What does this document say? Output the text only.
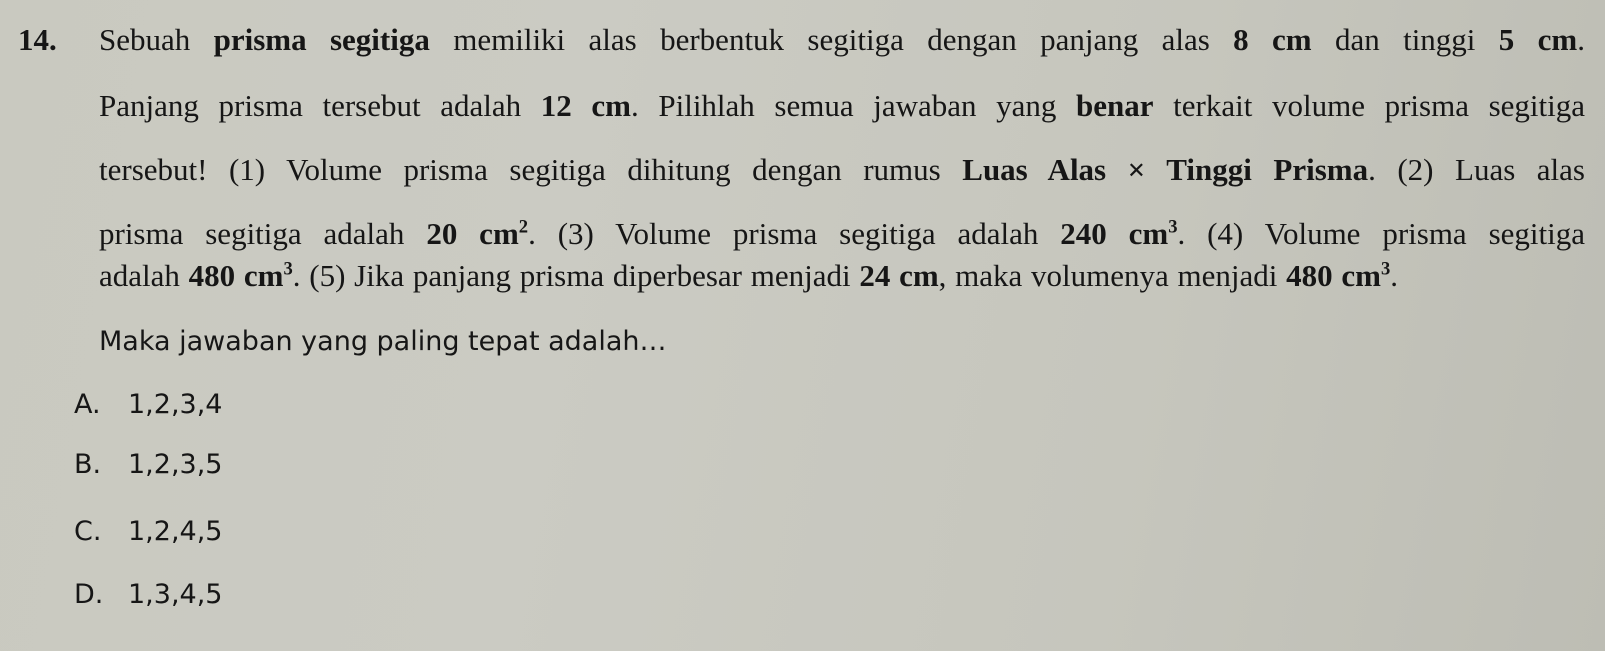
14. Sebuah prisma segitiga memiliki alas berbentuk segitiga dengan panjang alas 8 cm dan tinggi 5 cm.
Panjang prisma tersebut adalah 12 cm. Pilihlah semua jawaban yang benar terkait volume prisma segitiga
tersebut! (1) Volume prisma segitiga dihitung dengan rumus Luas Alas × Tinggi Prisma. (2) Luas alas
prisma segitiga adalah 20 $cm^2$. (3) Volume prisma segitiga adalah 240 $cm^3$. (4) Volume prisma segitiga
adalah 480 $cm^3$. (5) Jika panjang prisma diperbesar menjadi 24 cm, maka volumenya menjadi 480 $cm^3$.
Maka jawaban yang paling tepat adalah…
A. 1,2,3,4
B. 1,2,3,5
C. 1,2,4,5
D. 1,3,4,5
